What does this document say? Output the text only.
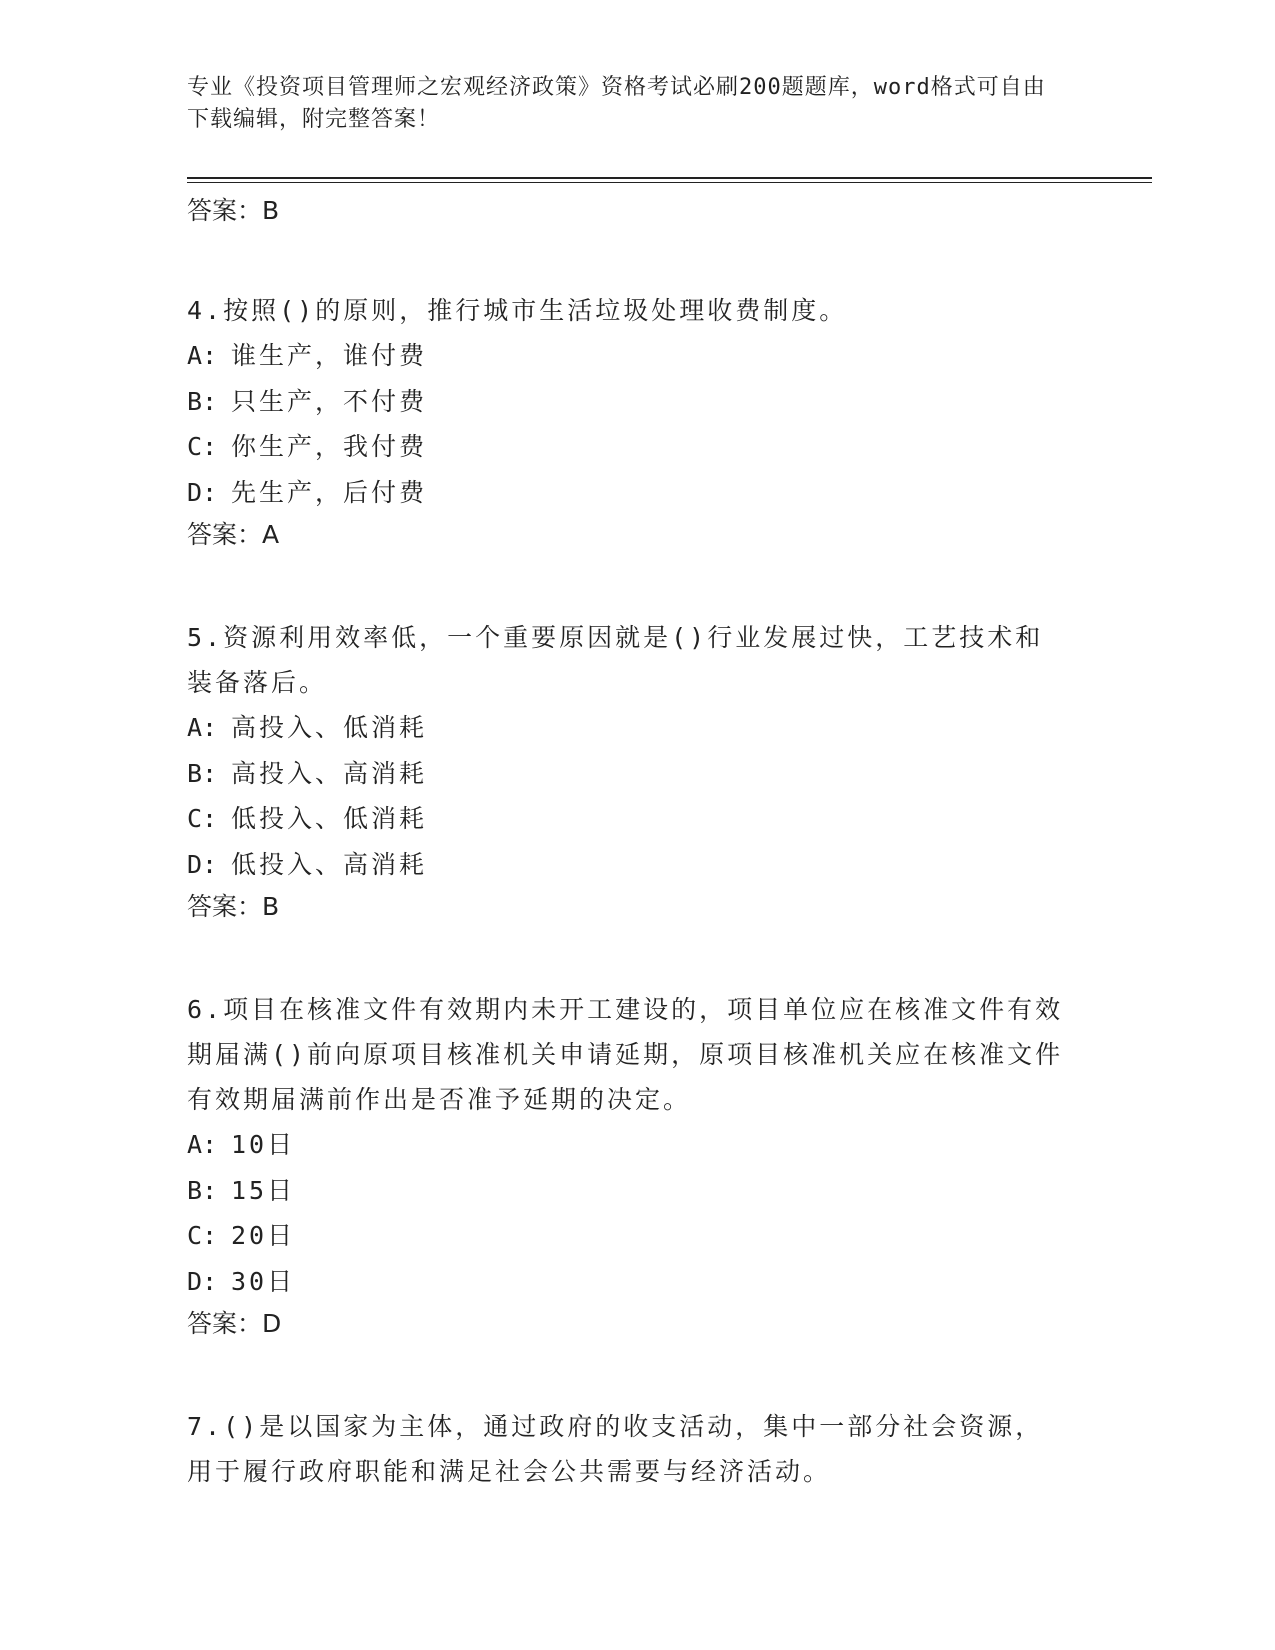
专业《投资项目管理师之宏观经济政策》资格考试必刷200题题库，word格式可自由下载编辑，附完整答案！
答案：B

4.按照()的原则，推行城市生活垃圾处理收费制度。

A: 谁生产，谁付费
B: 只生产，不付费
C: 你生产，我付费
D: 先生产，后付费
答案：A

5.资源利用效率低，一个重要原因就是()行业发展过快，工艺技术和装备落后。

A: 高投入、低消耗
B: 高投入、高消耗
C: 低投入、低消耗
D: 低投入、高消耗
答案：B

6.项目在核准文件有效期内未开工建设的，项目单位应在核准文件有效期届满()前向原项目核准机关申请延期，原项目核准机关应在核准文件有效期届满前作出是否准予延期的决定。

A: 10日
B: 15日
C: 20日
D: 30日
答案：D

7.()是以国家为主体，通过政府的收支活动，集中一部分社会资源，用于履行政府职能和满足社会公共需要与经济活动。
